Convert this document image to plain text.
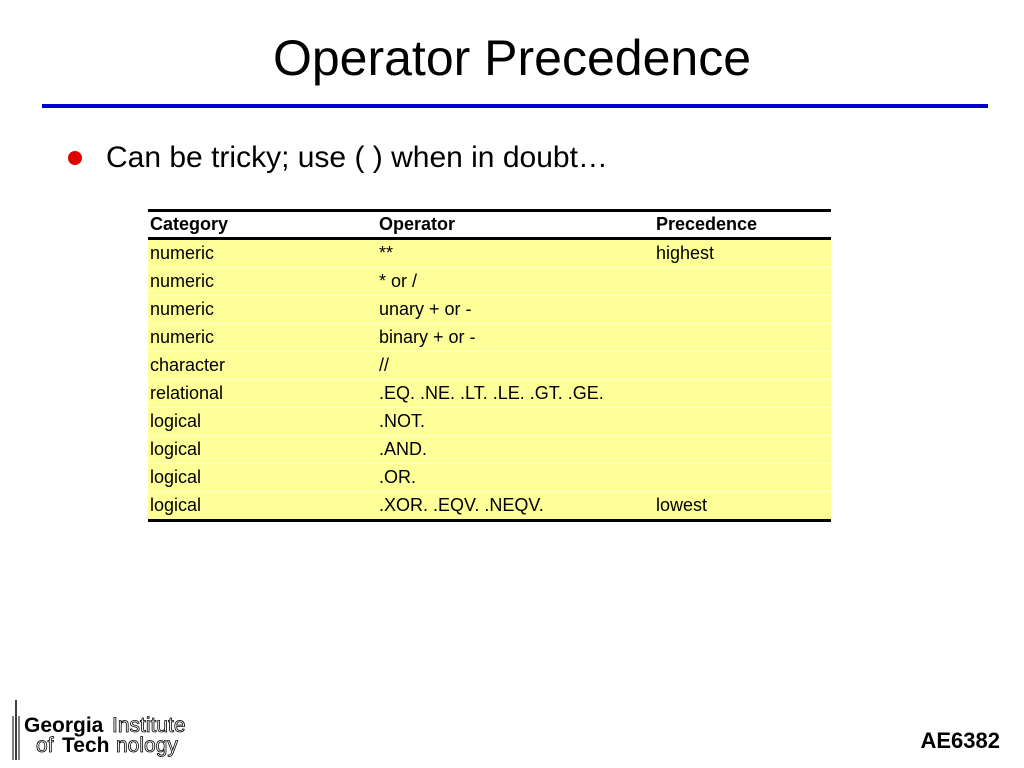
Operator Precedence
Can be tricky; use ( ) when in doubt…
Category	Operator	Precedence
numeric	**	highest
numeric	* or /	
numeric	unary + or -	
numeric	binary + or -	
character	//	
relational	.EQ. .NE. .LT. .LE. .GT. .GE.	
logical	.NOT.	
logical	.AND.	
logical	.OR.	
logical	.XOR. .EQV. .NEQV.	lowest
Georgia Institute
of Tech nology	AE6382
